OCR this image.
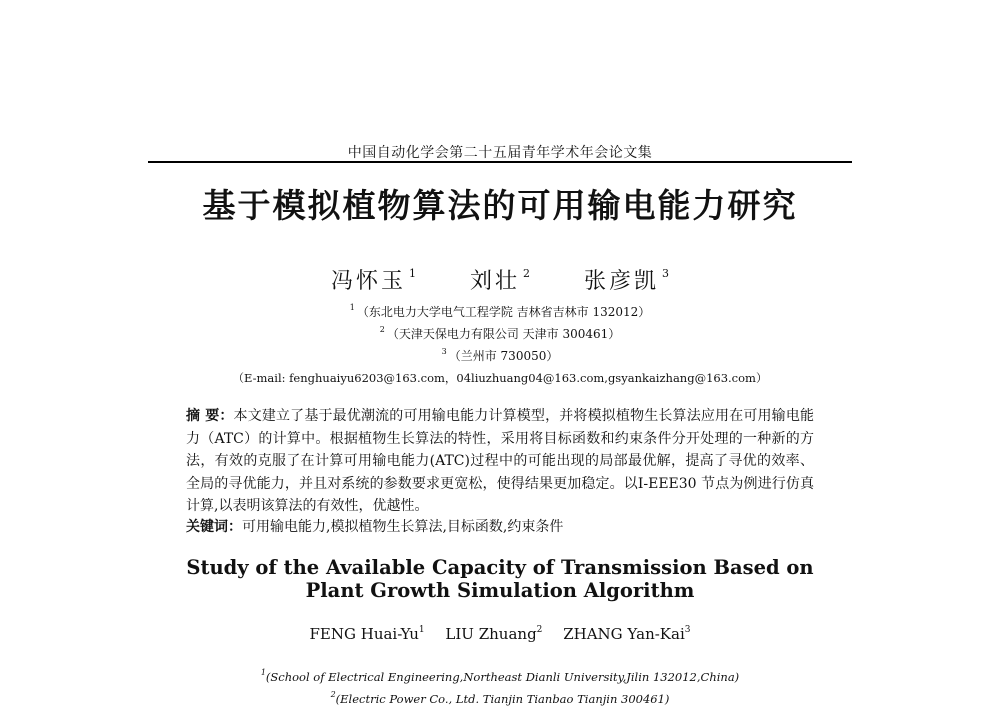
中国自动化学会第二十五届青年学术年会论文集
基于模拟植物算法的可用输电能力研究
冯怀玉 $^1$ 刘壮 $^2$ 张彦凯 $^3$
$^1$ （东北电力大学电气工程学院 吉林省吉林市 132012）
$^2$ （天津天保电力有限公司 天津市 300461）
$^3$ （兰州市 730050）
（E-mail: fenghuaiyu6203@163.com，04liuzhuang04@163.com,gsyankaizhang@163.com）
摘 要：本文建立了基于最优潮流的可用输电能力计算模型，并将模拟植物生长算法应用在可用输电能力（ATC）的计算中。根据植物生长算法的特性，采用将目标函数和约束条件分开处理的一种新的方法，有效的克服了在计算可用输电能力(ATC)过程中的可能出现的局部最优解，提高了寻优的效率、全局的寻优能力，并且对系统的参数要求更宽松，使得结果更加稳定。以I-EEE30 节点为例进行仿真计算,以表明该算法的有效性，优越性。
关键词：可用输电能力,模拟植物生长算法,目标函数,约束条件
Study of the Available Capacity of Transmission Based on
Plant Growth Simulation Algorithm
FENG Huai-Yu$^1$ LIU Zhuang$^2$ ZHANG Yan-Kai$^3$
$^1$(School of Electrical Engineering,Northeast Dianli University,Jilin 132012,China)
$^2$(Electric Power Co., Ltd. Tianjin Tianbao Tianjin 300461)
